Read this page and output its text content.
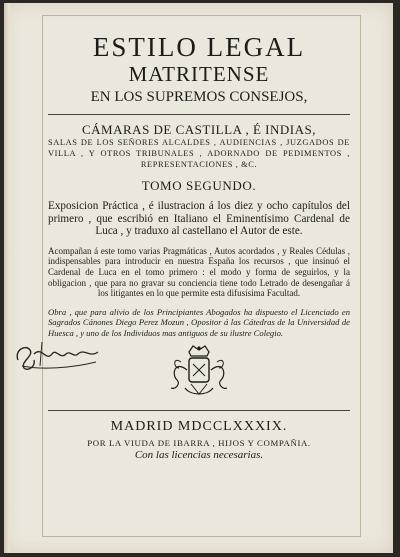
ESTILO LEGAL
MATRITENSE
EN LOS SUPREMOS CONSEJOS,
CÁMARAS DE CASTILLA , É INDIAS,
SALAS DE LOS SEÑORES ALCALDES , AUDIENCIAS , JUZGADOS DE VILLA , Y OTROS TRIBUNALES , ADORNADO DE PEDIMENTOS , REPRESENTACIONES , &C.
TOMO SEGUNDO.
Exposicion Práctica , é ilustracion á los diez y ocho capítulos del primero , que escribió en Italiano el Eminentísimo Cardenal de Luca , y traduxo al castellano el Autor de este.
Acompañan á este tomo varias Pragmáticas , Autos acordados , y Reales Cédulas , indispensables para introducir en nuestra España los recursos , que insinuó el Cardenal de Luca en el tomo primero : el modo y forma de seguirlos, y la obligacion , que para no gravar su conciencia tiene todo Letrado de desengañar á los litigantes en lo que permite esta difusísima Facultad.
Obra , que para alivio de los Principiantes Abogados ha dispuesto el Licenciado en Sagrados Cánones Diego Perez Mozun , Opositor á las Cátedras de la Universidad de Huesca , y uno de los Individuos mas antiguos de su ilustre Colegio.
MADRID MDCCLXXXIX.
POR LA VIUDA DE IBARRA , HIJOS Y COMPAÑIA.
Con las licencias necesarias.
